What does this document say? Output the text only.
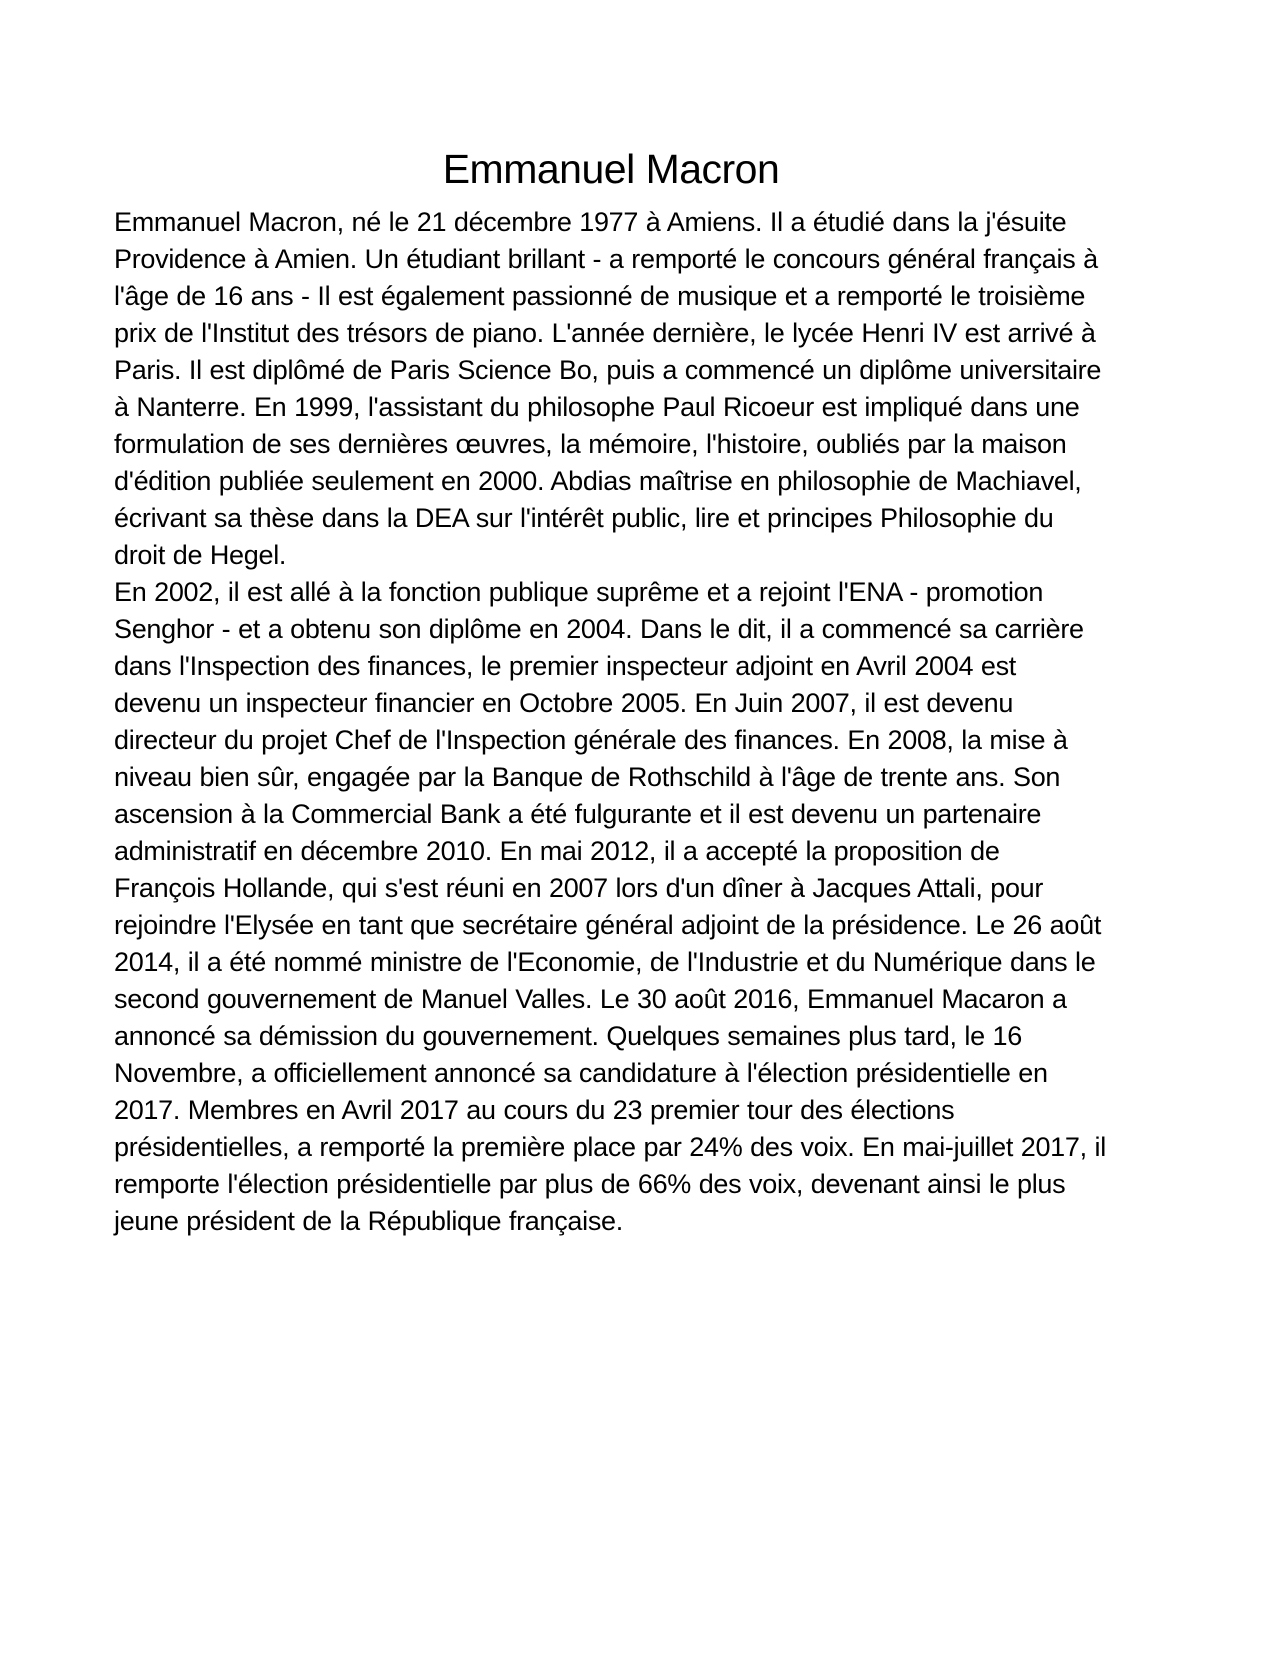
Emmanuel Macron

Emmanuel Macron, né le 21 décembre 1977 à Amiens. Il a étudié dans la j'ésuite Providence à Amien. Un étudiant brillant - a remporté le concours général français à l'âge de 16 ans - Il est également passionné de musique et a remporté le troisième prix de l'Institut des trésors de piano. L'année dernière, le lycée Henri IV est arrivé à Paris. Il est diplômé de Paris Science Bo, puis a commencé un diplôme universitaire à Nanterre. En 1999, l'assistant du philosophe Paul Ricoeur est impliqué dans une formulation de ses dernières œuvres, la mémoire, l'histoire, oubliés par la maison d'édition publiée seulement en 2000. Abdias maîtrise en philosophie de Machiavel, écrivant sa thèse dans la DEA sur l'intérêt public, lire et principes Philosophie du droit de Hegel.

En 2002, il est allé à la fonction publique suprême et a rejoint l'ENA - promotion Senghor - et a obtenu son diplôme en 2004. Dans le dit, il a commencé sa carrière dans l'Inspection des finances, le premier inspecteur adjoint en Avril 2004 est devenu un inspecteur financier en Octobre 2005. En Juin 2007, il est devenu directeur du projet Chef de l'Inspection générale des finances. En 2008, la mise à niveau bien sûr, engagée par la Banque de Rothschild à l'âge de trente ans. Son ascension à la Commercial Bank a été fulgurante et il est devenu un partenaire administratif en décembre 2010. En mai 2012, il a accepté la proposition de François Hollande, qui s'est réuni en 2007 lors d'un dîner à Jacques Attali, pour rejoindre l'Elysée en tant que secrétaire général adjoint de la présidence. Le 26 août 2014, il a été nommé ministre de l'Economie, de l'Industrie et du Numérique dans le second gouvernement de Manuel Valles. Le 30 août 2016, Emmanuel Macaron a annoncé sa démission du gouvernement. Quelques semaines plus tard, le 16 Novembre, a officiellement annoncé sa candidature à l'élection présidentielle en 2017. Membres en Avril 2017 au cours du 23 premier tour des élections présidentielles, a remporté la première place par 24% des voix. En mai-juillet 2017, il remporte l'élection présidentielle par plus de 66% des voix, devenant ainsi le plus jeune président de la République française.
